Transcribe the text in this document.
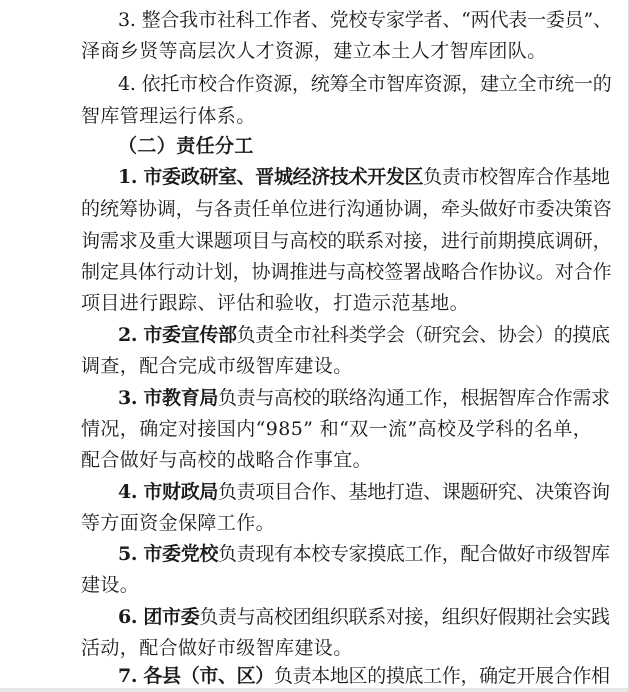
3. 整合我市社科工作者、党校专家学者、“两代表一委员”、
泽商乡贤等高层次人才资源，建立本土人才智库团队。
4. 依托市校合作资源，统筹全市智库资源，建立全市统一的
智库管理运行体系。
（二）责任分工
1. 市委政研室、晋城经济技术开发区负责市校智库合作基地
的统筹协调，与各责任单位进行沟通协调，牵头做好市委决策咨
询需求及重大课题项目与高校的联系对接，进行前期摸底调研，
制定具体行动计划，协调推进与高校签署战略合作协议。对合作
项目进行跟踪、评估和验收，打造示范基地。
2. 市委宣传部负责全市社科类学会（研究会、协会）的摸底
调查，配合完成市级智库建设。
3. 市教育局负责与高校的联络沟通工作，根据智库合作需求
情况，确定对接国内“985” 和“双一流”高校及学科的名单，
配合做好与高校的战略合作事宜。
4. 市财政局负责项目合作、基地打造、课题研究、决策咨询
等方面资金保障工作。
5. 市委党校负责现有本校专家摸底工作，配合做好市级智库
建设。
6. 团市委负责与高校团组织联系对接，组织好假期社会实践
活动，配合做好市级智库建设。
7. 各县（市、区）负责本地区的摸底工作，确定开展合作相
